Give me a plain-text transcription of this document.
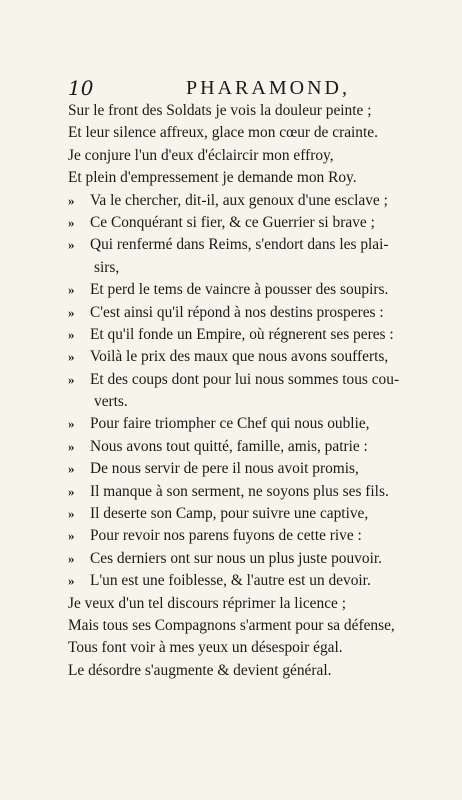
10	PHARAMOND,
Sur le front des Soldats je vois la douleur peinte ;
Et leur silence affreux, glace mon cœur de crainte.
Je conjure l'un d'eux d'éclaircir mon effroy,
Et plein d'empressement je demande mon Roy.
»	Va le chercher, dit-il, aux genoux d'une esclave ;
»	Ce Conquérant si fier, & ce Guerrier si brave ;
»	Qui renfermé dans Reims, s'endort dans les plai-
sirs,
»	Et perd le tems de vaincre à pousser des soupirs.
»	C'est ainsi qu'il répond à nos destins prosperes :
»	Et qu'il fonde un Empire, où régnerent ses peres :
»	Voilà le prix des maux que nous avons soufferts,
»	Et des coups dont pour lui nous sommes tous cou-
verts.
»	Pour faire triompher ce Chef qui nous oublie,
»	Nous avons tout quitté, famille, amis, patrie :
»	De nous servir de pere il nous avoit promis,
»	Il manque à son serment, ne soyons plus ses fils.
»	Il deserte son Camp, pour suivre une captive,
»	Pour revoir nos parens fuyons de cette rive :
»	Ces derniers ont sur nous un plus juste pouvoir.
»	L'un est une foiblesse, & l'autre est un devoir.
Je veux d'un tel discours réprimer la licence ;
Mais tous ses Compagnons s'arment pour sa défense,
Tous font voir à mes yeux un désespoir égal.
Le désordre s'augmente & devient général.
